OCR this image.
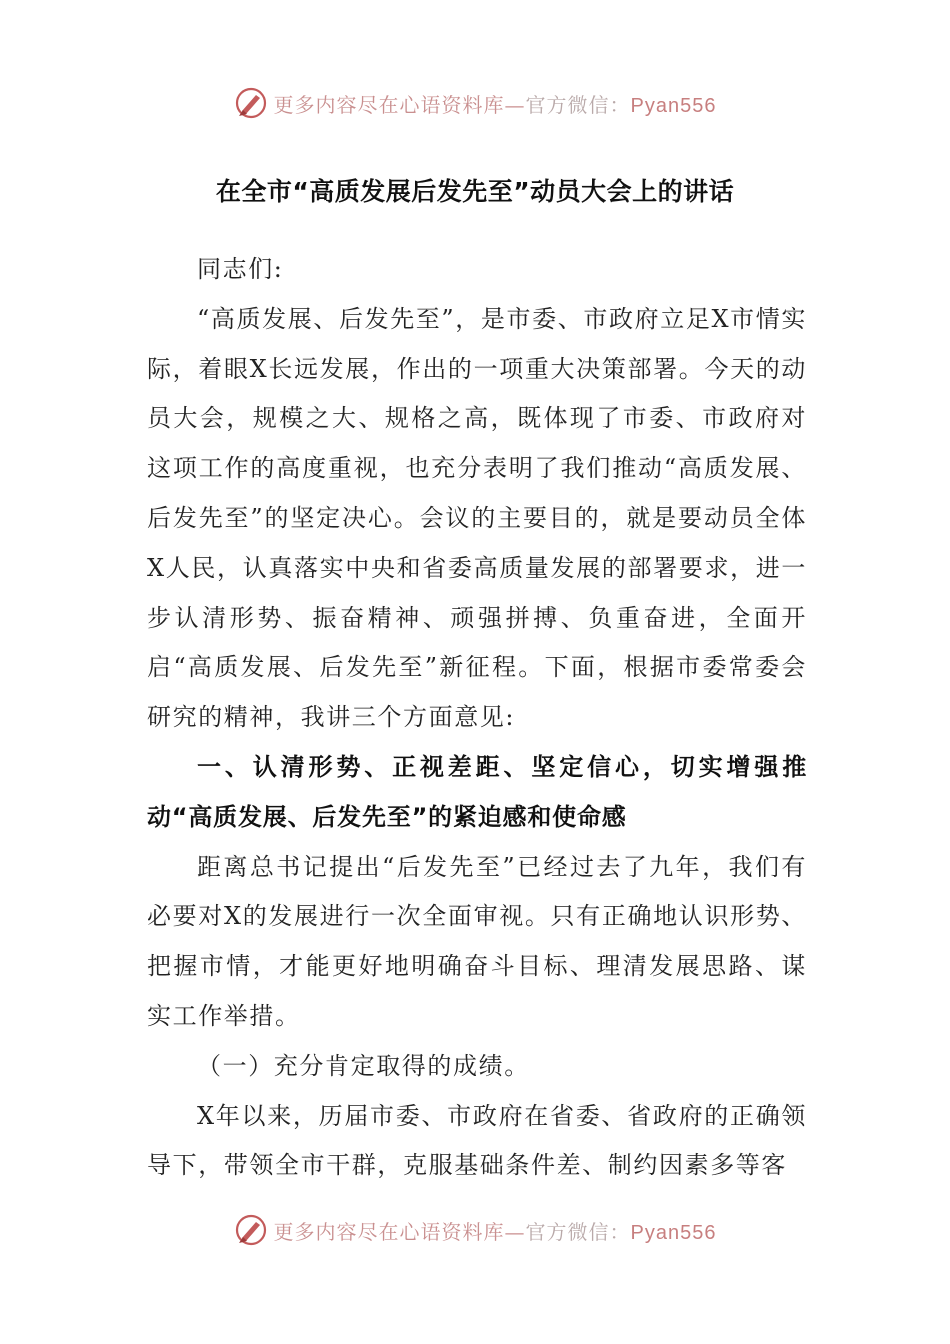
更多内容尽在心语资料库—官方微信：Pyan556
在全市“高质发展后发先至”动员大会上的讲话

同志们:

“高质发展、后发先至”，是市委、市政府立足X市情实际，着眼X长远发展，作出的一项重大决策部署。今天的动员大会，规模之大、规格之高，既体现了市委、市政府对这项工作的高度重视，也充分表明了我们推动“高质发展、后发先至”的坚定决心。会议的主要目的，就是要动员全体X人民，认真落实中央和省委高质量发展的部署要求，进一步认清形势、振奋精神、顽强拼搏、负重奋进，全面开启“高质发展、后发先至”新征程。下面，根据市委常委会研究的精神，我讲三个方面意见:

一、认清形势、正视差距、坚定信心，切实增强推动“高质发展、后发先至”的紧迫感和使命感

距离总书记提出“后发先至”已经过去了九年，我们有必要对X的发展进行一次全面审视。只有正确地认识形势、把握市情，才能更好地明确奋斗目标、理清发展思路、谋实工作举措。

（一）充分肯定取得的成绩。

X年以来，历届市委、市政府在省委、省政府的正确领导下，带领全市干群，克服基础条件差、制约因素多等客

更多内容尽在心语资料库—官方微信：Pyan556
